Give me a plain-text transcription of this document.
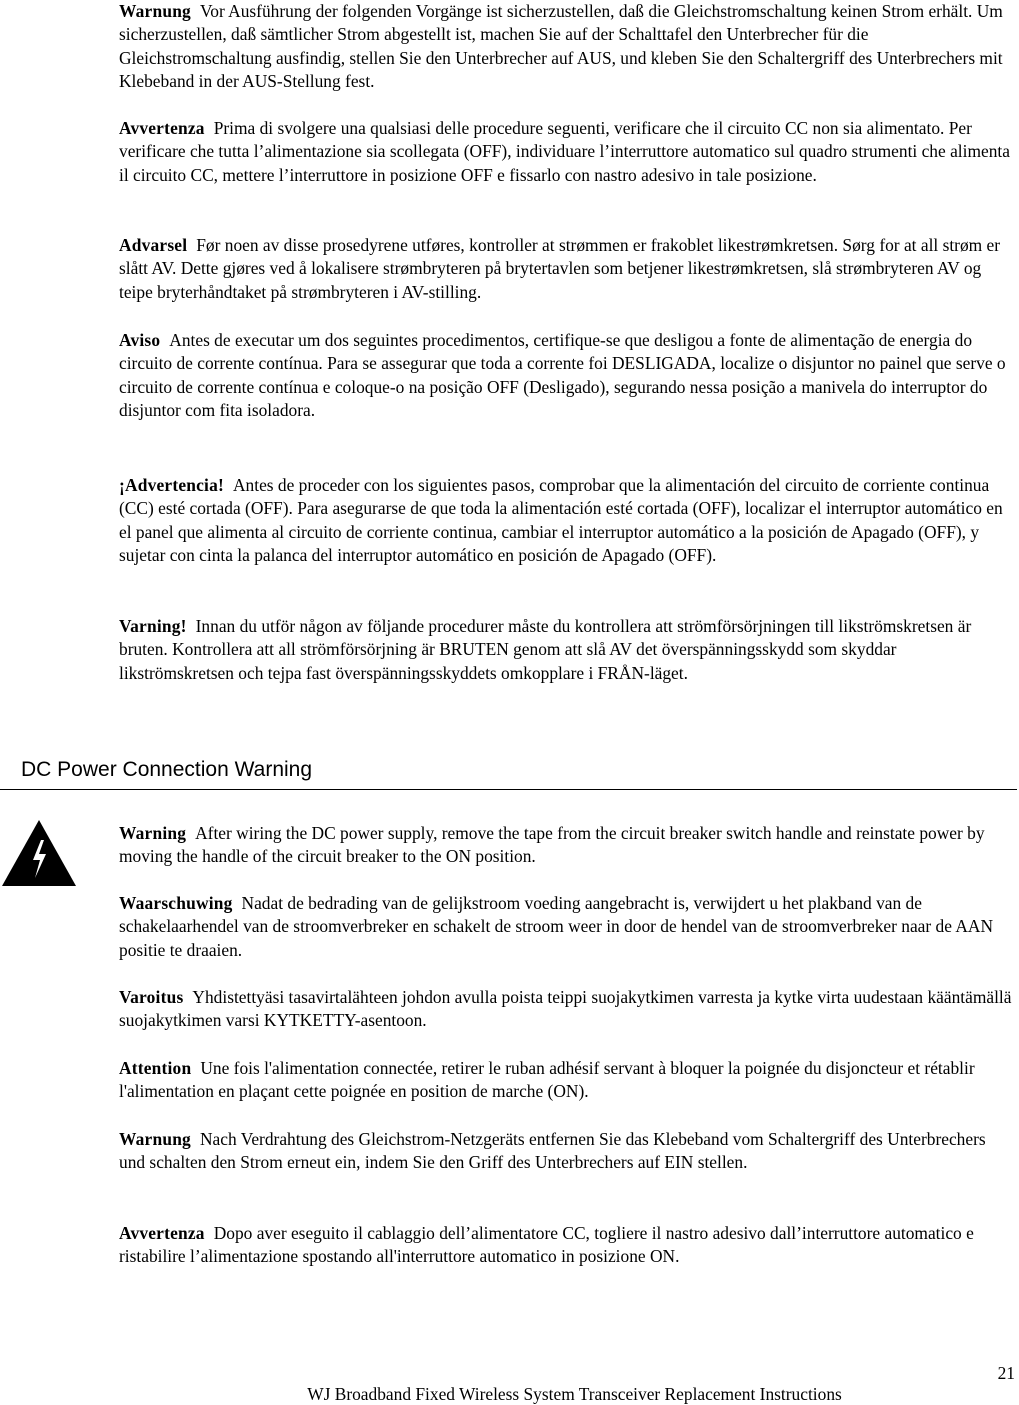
Warnung Vor Ausführung der folgenden Vorgänge ist sicherzustellen, daß die Gleichstromschaltung keinen Strom erhält. Um sicherzustellen, daß sämtlicher Strom abgestellt ist, machen Sie auf der Schalttafel den Unterbrecher für die Gleichstromschaltung ausfindig, stellen Sie den Unterbrecher auf AUS, und kleben Sie den Schaltergriff des Unterbrechers mit Klebeband in der AUS-Stellung fest.

Avvertenza Prima di svolgere una qualsiasi delle procedure seguenti, verificare che il circuito CC non sia alimentato. Per verificare che tutta l’alimentazione sia scollegata (OFF), individuare l’interruttore automatico sul quadro strumenti che alimenta il circuito CC, mettere l’interruttore in posizione OFF e fissarlo con nastro adesivo in tale posizione.

Advarsel Før noen av disse prosedyrene utføres, kontroller at strømmen er frakoblet likestrømkretsen. Sørg for at all strøm er slått AV. Dette gjøres ved å lokalisere strømbryteren på brytertavlen som betjener likestrømkretsen, slå strømbryteren AV og teipe bryterhåndtaket på strømbryteren i AV-stilling.

Aviso Antes de executar um dos seguintes procedimentos, certifique-se que desligou a fonte de alimentação de energia do circuito de corrente contínua. Para se assegurar que toda a corrente foi DESLIGADA, localize o disjuntor no painel que serve o circuito de corrente contínua e coloque-o na posição OFF (Desligado), segurando nessa posição a manivela do interruptor do disjuntor com fita isoladora.

¡Advertencia! Antes de proceder con los siguientes pasos, comprobar que la alimentación del circuito de corriente continua (CC) esté cortada (OFF). Para asegurarse de que toda la alimentación esté cortada (OFF), localizar el interruptor automático en el panel que alimenta al circuito de corriente continua, cambiar el interruptor automático a la posición de Apagado (OFF), y sujetar con cinta la palanca del interruptor automático en posición de Apagado (OFF).

Varning! Innan du utför någon av följande procedurer måste du kontrollera att strömförsörjningen till likströmskretsen är bruten. Kontrollera att all strömförsörjning är BRUTEN genom att slå AV det överspänningsskydd som skyddar likströmskretsen och tejpa fast överspänningsskyddets omkopplare i FRÅN-läget.

DC Power Connection Warning

Warning After wiring the DC power supply, remove the tape from the circuit breaker switch handle and reinstate power by moving the handle of the circuit breaker to the ON position.

Waarschuwing Nadat de bedrading van de gelijkstroom voeding aangebracht is, verwijdert u het plakband van de schakelaarhendel van de stroomverbreker en schakelt de stroom weer in door de hendel van de stroomverbreker naar de AAN positie te draaien.

Varoitus Yhdistettyäsi tasavirtalähteen johdon avulla poista teippi suojakytkimen varresta ja kytke virta uudestaan kääntämällä suojakytkimen varsi KYTKETTY-asentoon.

Attention Une fois l'alimentation connectée, retirer le ruban adhésif servant à bloquer la poignée du disjoncteur et rétablir l'alimentation en plaçant cette poignée en position de marche (ON).

Warnung Nach Verdrahtung des Gleichstrom-Netzgeräts entfernen Sie das Klebeband vom Schaltergriff des Unterbrechers und schalten den Strom erneut ein, indem Sie den Griff des Unterbrechers auf EIN stellen.

Avvertenza Dopo aver eseguito il cablaggio dell’alimentatore CC, togliere il nastro adesivo dall’interruttore automatico e ristabilire l’alimentazione spostando all'interruttore automatico in posizione ON.

21
WJ Broadband Fixed Wireless System Transceiver Replacement Instructions
